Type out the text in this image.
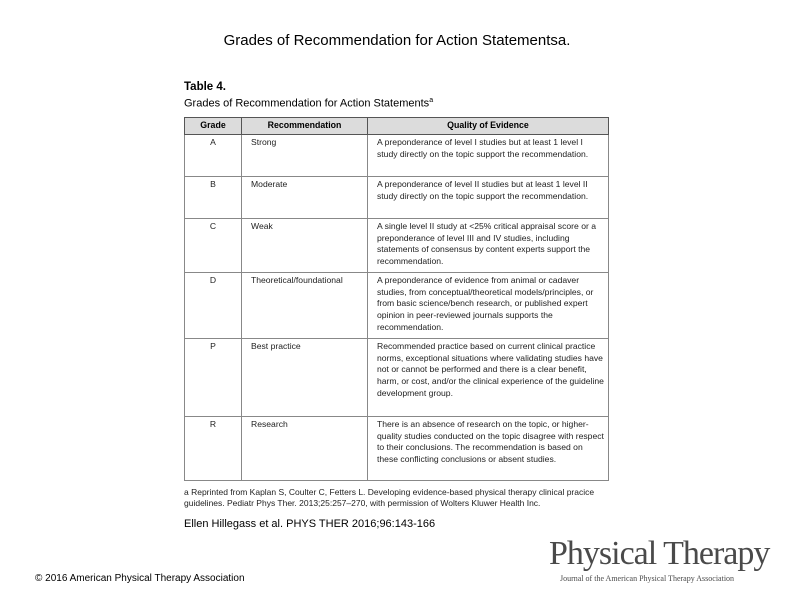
Grades of Recommendation for Action Statementsa.
Table 4.
Grades of Recommendation for Action Statements$^a$
Grade	Recommendation	Quality of Evidence
A	Strong	A preponderance of level I studies but at least 1 level I study directly on the topic support the recommendation.
B	Moderate	A preponderance of level II studies but at least 1 level II study directly on the topic support the recommendation.
C	Weak	A single level II study at <25% critical appraisal score or a preponderance of level III and IV studies, including statements of consensus by content experts support the recommendation.
D	Theoretical/foundational	A preponderance of evidence from animal or cadaver studies, from conceptual/theoretical models/principles, or from basic science/bench research, or published expert opinion in peer-reviewed journals supports the recommendation.
P	Best practice	Recommended practice based on current clinical practice norms, exceptional situations where validating studies have not or cannot be performed and there is a clear benefit, harm, or cost, and/or the clinical experience of the guideline development group.
R	Research	There is an absence of research on the topic, or higher-quality studies conducted on the topic disagree with respect to their conclusions. The recommendation is based on these conflicting conclusions or absent studies.
a Reprinted from Kaplan S, Coulter C, Fetters L. Developing evidence-based physical therapy clinical pracice guidelines. Pediatr Phys Ther. 2013;25:257–270, with permission of Wolters Kluwer Health Inc.
Ellen Hillegass et al. PHYS THER 2016;96:143-166
© 2016 American Physical Therapy Association
Physical Therapy
Journal of the American Physical Therapy Association
